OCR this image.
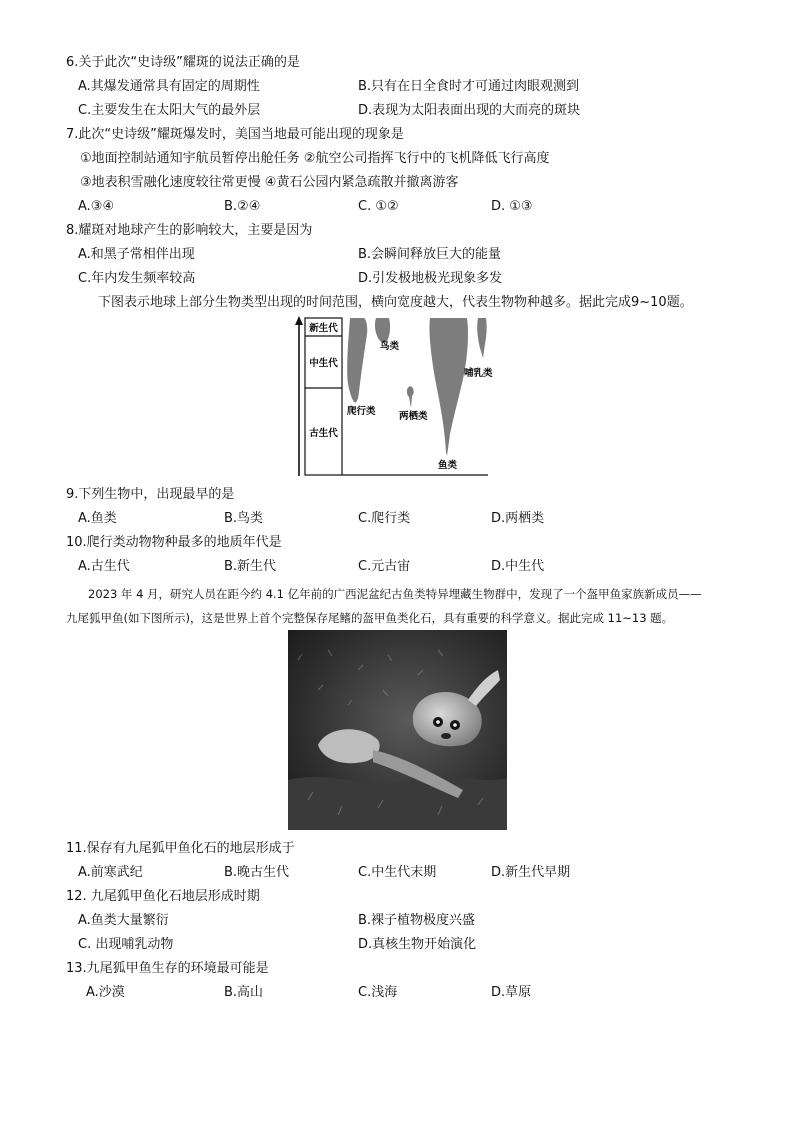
6.关于此次“史诗级”耀斑的说法正确的是
A.其爆发通常具有固定的周期性	B.只有在日全食时才可通过肉眼观测到
C.主要发生在太阳大气的最外层	D.表现为太阳表面出现的大而亮的斑块
7.此次“史诗级”耀斑爆发时，美国当地最可能出现的现象是
①地面控制站通知宇航员暂停出舱任务 ②航空公司指挥飞行中的飞机降低飞行高度
③地表积雪融化速度较往常更慢 ④黄石公园内紧急疏散并撤离游客
A.③④	B.②④	C. ①②	D. ①③
8.耀斑对地球产生的影响较大，主要是因为
A.和黑子常相伴出现	B.会瞬间释放巨大的能量
C.年内发生频率较高	D.引发极地极光现象多发
下图表示地球上部分生物类型出现的时间范围，横向宽度越大，代表生物物种越多。据此完成9~10题。
新生代
中生代
古生代
鸟类
哺乳类
爬行类 两栖类
鱼类
9.下列生物中，出现最早的是
A.鱼类	B.鸟类	C.爬行类	D.两栖类
10.爬行类动物物种最多的地质年代是
A.古生代	B.新生代	C.元古宙	D.中生代
2023 年 4 月，研究人员在距今约 4.1 亿年前的广西泥盆纪古鱼类特异埋藏生物群中，发现了一个盔甲鱼家族新成员——
九尾狐甲鱼(如下图所示)，这是世界上首个完整保存尾鳍的盔甲鱼类化石，具有重要的科学意义。据此完成 11~13 题。
11.保存有九尾狐甲鱼化石的地层形成于
A.前寒武纪	B.晚古生代	C.中生代末期	D.新生代早期
12. 九尾狐甲鱼化石地层形成时期
A.鱼类大量繁衍	B.裸子植物极度兴盛
C. 出现哺乳动物	D.真核生物开始演化
13.九尾狐甲鱼生存的环境最可能是
A.沙漠	B.高山	C.浅海	D.草原
